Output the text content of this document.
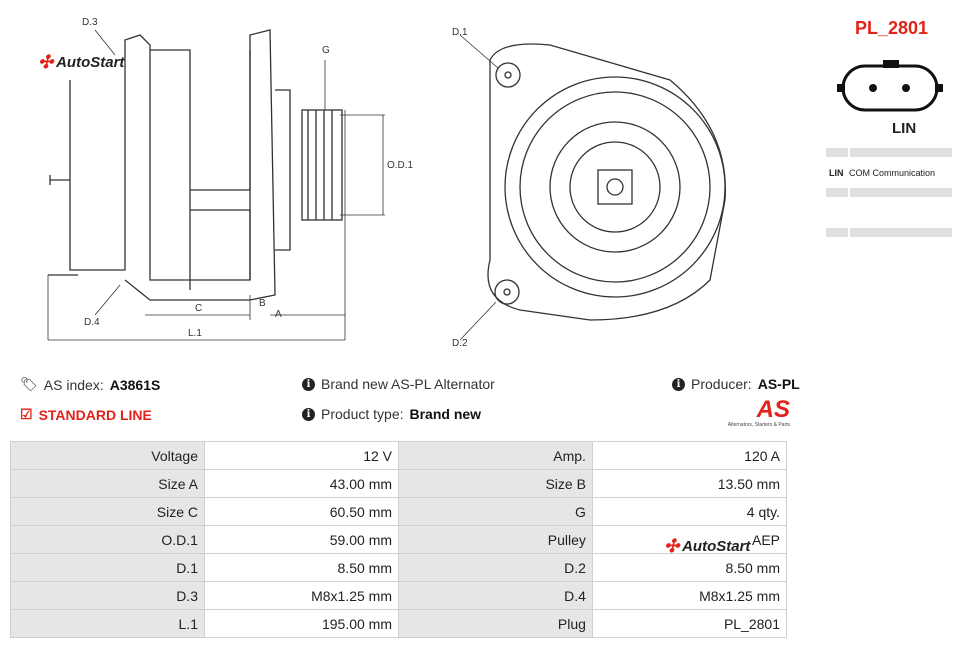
✣ AutoStart
D.3
G
O.D.1
D.4
C	B
A
L.1
D.1
D.2
PL_2801
LIN

LIN	COM Communication

🏷 AS index: A3861S
☑ STANDARD LINE
i Brand new AS-PL Alternator
i Product type: Brand new
i Producer: AS-PL
AS
Alternators, Starters & Parts
Voltage	12 V	Amp.	120 A
Size A	43.00 mm	Size B	13.50 mm
Size C	60.50 mm	G	4 qty.
O.D.1	59.00 mm	Pulley	AEP
D.1	8.50 mm	D.2	8.50 mm
D.3	M8x1.25 mm	D.4	M8x1.25 mm
L.1	195.00 mm	Plug	PL_2801
✣ AutoStart
